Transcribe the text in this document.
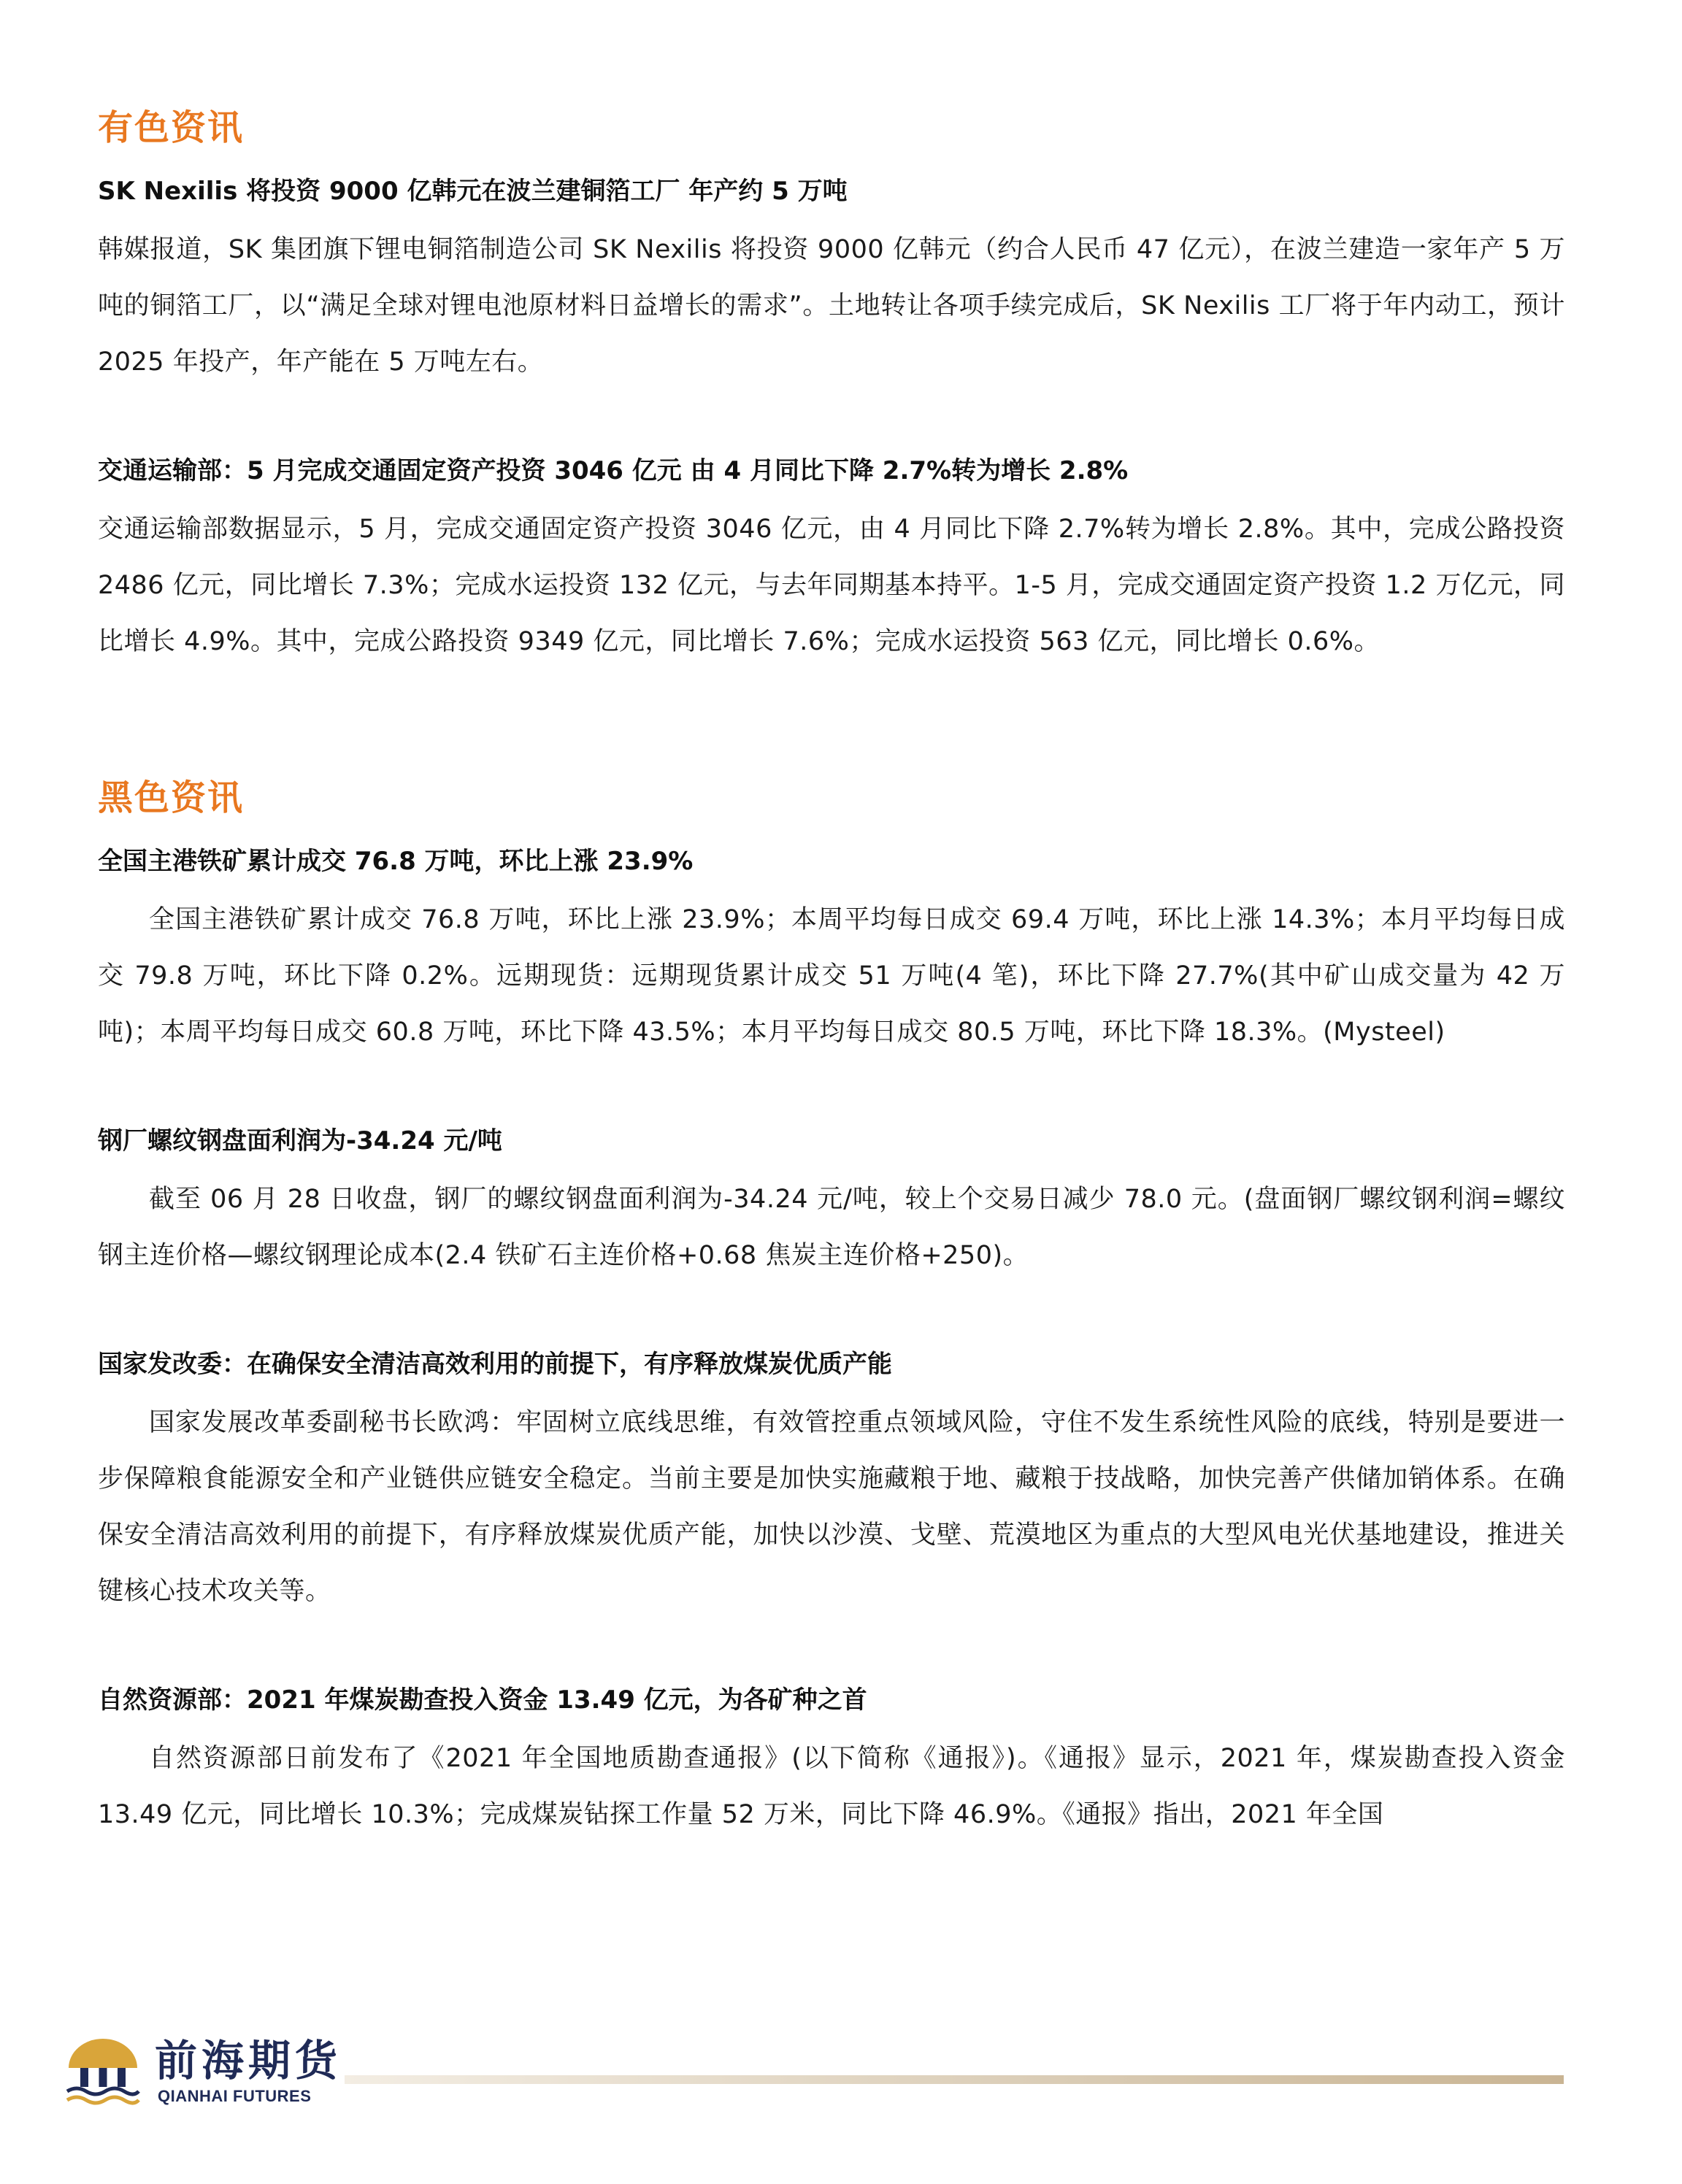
有色资讯
SK Nexilis 将投资 9000 亿韩元在波兰建铜箔工厂 年产约 5 万吨

韩媒报道，SK 集团旗下锂电铜箔制造公司 SK Nexilis 将投资 9000 亿韩元（约合人民币 47 亿元），在波兰建造一家年产 5 万吨的铜箔工厂，以“满足全球对锂电池原材料日益增长的需求”。土地转让各项手续完成后，SK Nexilis 工厂将于年内动工，预计 2025 年投产，年产能在 5 万吨左右。

交通运输部：5 月完成交通固定资产投资 3046 亿元 由 4 月同比下降 2.7%转为增长 2.8%

交通运输部数据显示，5 月，完成交通固定资产投资 3046 亿元，由 4 月同比下降 2.7%转为增长 2.8%。其中，完成公路投资 2486 亿元，同比增长 7.3%；完成水运投资 132 亿元，与去年同期基本持平。1-5 月，完成交通固定资产投资 1.2 万亿元，同比增长 4.9%。其中，完成公路投资 9349 亿元，同比增长 7.6%；完成水运投资 563 亿元，同比增长 0.6%。

黑色资讯
全国主港铁矿累计成交 76.8 万吨，环比上涨 23.9%

全国主港铁矿累计成交 76.8 万吨，环比上涨 23.9%；本周平均每日成交 69.4 万吨，环比上涨 14.3%；本月平均每日成交 79.8 万吨，环比下降 0.2%。远期现货：远期现货累计成交 51 万吨(4 笔)，环比下降 27.7%(其中矿山成交量为 42 万吨)；本周平均每日成交 60.8 万吨，环比下降 43.5%；本月平均每日成交 80.5 万吨，环比下降 18.3%。(Mysteel)

钢厂螺纹钢盘面利润为-34.24 元/吨

截至 06 月 28 日收盘，钢厂的螺纹钢盘面利润为-34.24 元/吨，较上个交易日减少 78.0 元。(盘面钢厂螺纹钢利润=螺纹钢主连价格—螺纹钢理论成本(2.4 铁矿石主连价格+0.68 焦炭主连价格+250)。

国家发改委：在确保安全清洁高效利用的前提下，有序释放煤炭优质产能

国家发展改革委副秘书长欧鸿：牢固树立底线思维，有效管控重点领域风险，守住不发生系统性风险的底线，特别是要进一步保障粮食能源安全和产业链供应链安全稳定。当前主要是加快实施藏粮于地、藏粮于技战略，加快完善产供储加销体系。在确保安全清洁高效利用的前提下，有序释放煤炭优质产能，加快以沙漠、戈壁、荒漠地区为重点的大型风电光伏基地建设，推进关键核心技术攻关等。

自然资源部：2021 年煤炭勘查投入资金 13.49 亿元，为各矿种之首

自然资源部日前发布了《2021 年全国地质勘查通报》(以下简称《通报》)。《通报》显示，2021 年，煤炭勘查投入资金 13.49 亿元，同比增长 10.3%；完成煤炭钻探工作量 52 万米，同比下降 46.9%。《通报》指出，2021 年全国

前海期货
QIANHAI FUTURES
